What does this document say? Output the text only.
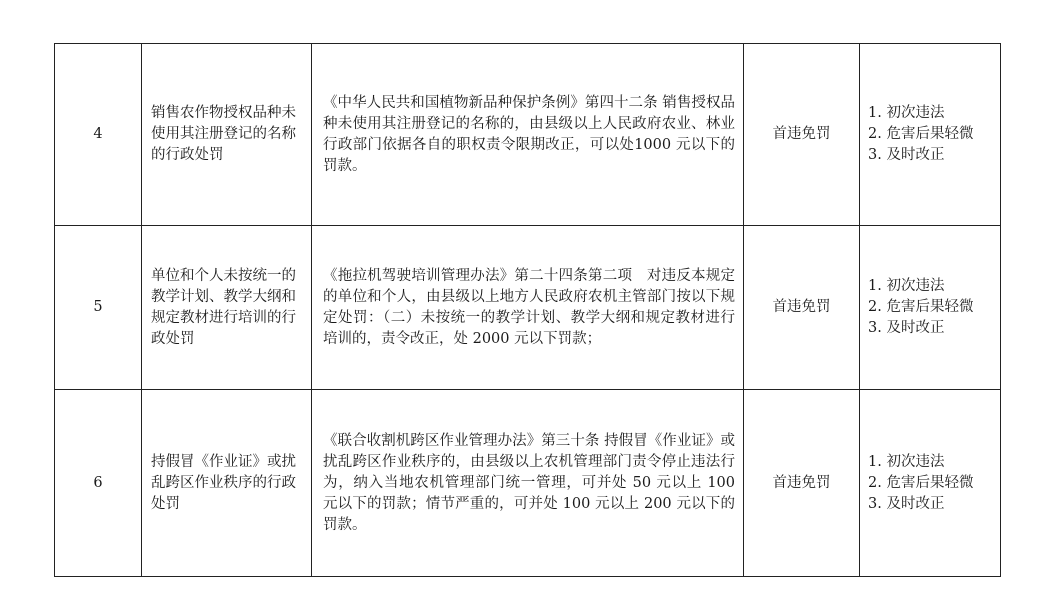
4	销售农作物授权品种未使用其注册登记的名称的行政处罚	《中华人民共和国植物新品种保护条例》第四十二条 销售授权品种未使用其注册登记的名称的，由县级以上人民政府农业、林业行政部门依据各自的职权责令限期改正，可以处1000 元以下的罚款。	首违免罚	1. 初次违法
2. 危害后果轻微
3. 及时改正

5	单位和个人未按统一的教学计划、教学大纲和规定教材进行培训的行政处罚	《拖拉机驾驶培训管理办法》第二十四条第二项　对违反本规定的单位和个人，由县级以上地方人民政府农机主管部门按以下规定处罚：（二）未按统一的教学计划、教学大纲和规定教材进行培训的，责令改正，处 2000 元以下罚款；	首违免罚	1. 初次违法
2. 危害后果轻微
3. 及时改正

6	持假冒《作业证》或扰乱跨区作业秩序的行政处罚	《联合收割机跨区作业管理办法》第三十条 持假冒《作业证》或扰乱跨区作业秩序的，由县级以上农机管理部门责令停止违法行为，纳入当地农机管理部门统一管理，可并处 50 元以上 100 元以下的罚款；情节严重的，可并处 100 元以上 200 元以下的罚款。	首违免罚	1. 初次违法
2. 危害后果轻微
3. 及时改正
